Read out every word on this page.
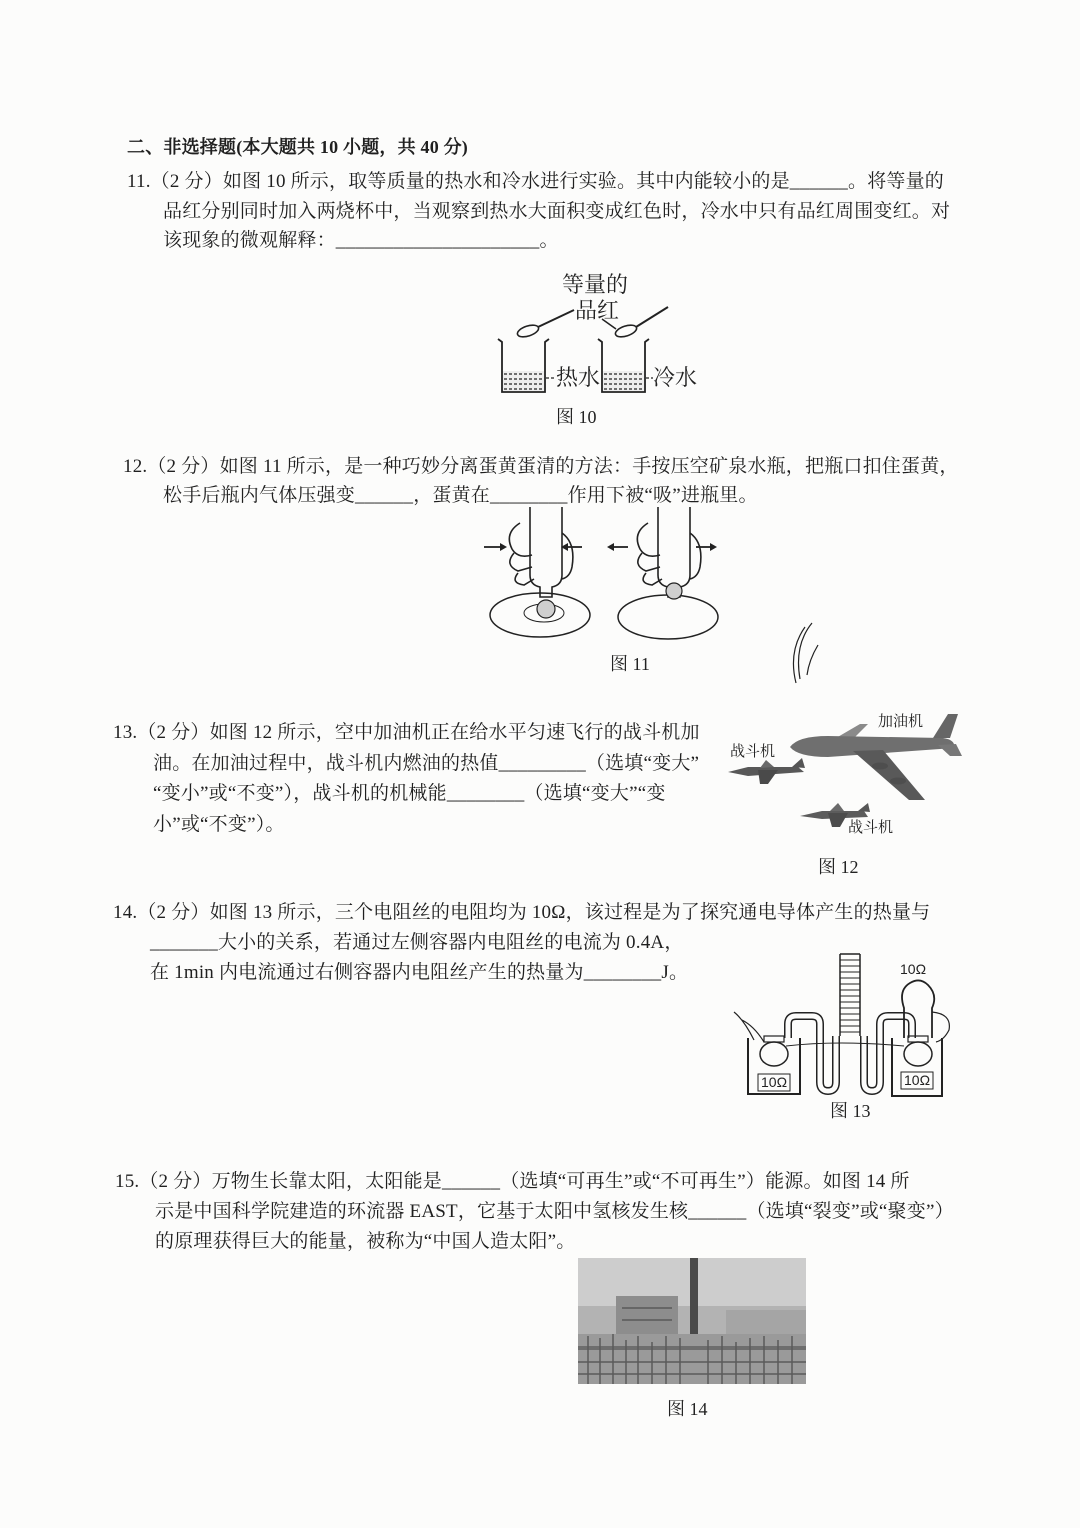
二、非选择题(本大题共 10 小题，共 40 分)
11.（2 分）如图 10 所示，取等质量的热水和冷水进行实验。其中内能较小的是______。将等量的
品红分别同时加入两烧杯中，当观察到热水大面积变成红色时，冷水中只有品红周围变红。对
该现象的微观解释：_____________________。
等量的
品红
热水 冷水
图 10
12.（2 分）如图 11 所示，是一种巧妙分离蛋黄蛋清的方法：手按压空矿泉水瓶，把瓶口扣住蛋黄，
松手后瓶内气体压强变______，蛋黄在________作用下被“吸”进瓶里。
图 11
13.（2 分）如图 12 所示，空中加油机正在给水平匀速飞行的战斗机加
油。在加油过程中，战斗机内燃油的热值_________（选填“变大”
“变小”或“不变”），战斗机的机械能________（选填“变大”“变
小”或“不变”）。
加油机
战斗机
战斗机
图 12
14.（2 分）如图 13 所示，三个电阻丝的电阻均为 10Ω，该过程是为了探究通电导体产生的热量与
_______大小的关系，若通过左侧容器内电阻丝的电流为 0.4A，
在 1min 内电流通过右侧容器内电阻丝产生的热量为________J。	10Ω
10Ω	10Ω
图 13
15.（2 分）万物生长靠太阳，太阳能是______（选填“可再生”或“不可再生”）能源。如图 14 所
示是中国科学院建造的环流器 EAST，它基于太阳中氢核发生核______（选填“裂变”或“聚变”）
的原理获得巨大的能量，被称为“中国人造太阳”。
图 14
